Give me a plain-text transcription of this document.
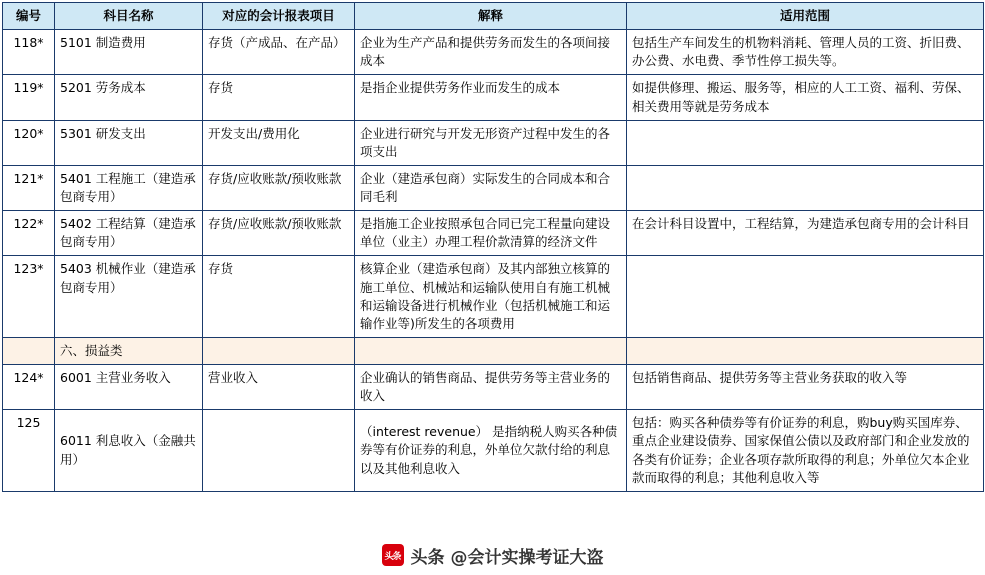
编号	科目名称	对应的会计报表项目	解释	适用范围
118*	5101 制造费用	存货（产成品、在产品）	企业为生产产品和提供劳务而发生的各项间接成本	包括生产车间发生的机物料消耗、管理人员的工资、折旧费、办公费、水电费、季节性停工损失等。
119*	5201 劳务成本	存货	是指企业提供劳务作业而发生的成本	如提供修理、搬运、服务等，相应的人工工资、福利、劳保、相关费用等就是劳务成本
120*	5301 研发支出	开发支出/费用化	企业进行研究与开发无形资产过程中发生的各项支出	
121*	5401 工程施工（建造承包商专用）	存货/应收账款/预收账款	企业（建造承包商）实际发生的合同成本和合同毛利	
122*	5402 工程结算（建造承包商专用）	存货/应收账款/预收账款	是指施工企业按照承包合同已完工程量向建设单位（业主）办理工程价款清算的经济文件	在会计科目设置中，工程结算，为建造承包商专用的会计科目
123*	5403 机械作业（建造承包商专用）	存货	核算企业（建造承包商）及其内部独立核算的施工单位、机械站和运输队使用自有施工机械和运输设备进行机械作业（包括机械施工和运输作业等)所发生的各项费用	
	六、损益类			
124*	6001 主营业务收入	营业收入	企业确认的销售商品、提供劳务等主营业务的收入	包括销售商品、提供劳务等主营业务获取的收入等
125	6011 利息收入（金融共用）		（interest revenue） 是指纳税人购买各种债券等有价证券的利息，外单位欠款付给的利息以及其他利息收入	包括：购买各种债券等有价证券的利息，购buy购买国库券、重点企业建设债券、国家保值公债以及政府部门和企业发放的各类有价证券；企业各项存款所取得的利息；外单位欠本企业款而取得的利息；其他利息收入等
头条 头条 @会计实操考证大盗
